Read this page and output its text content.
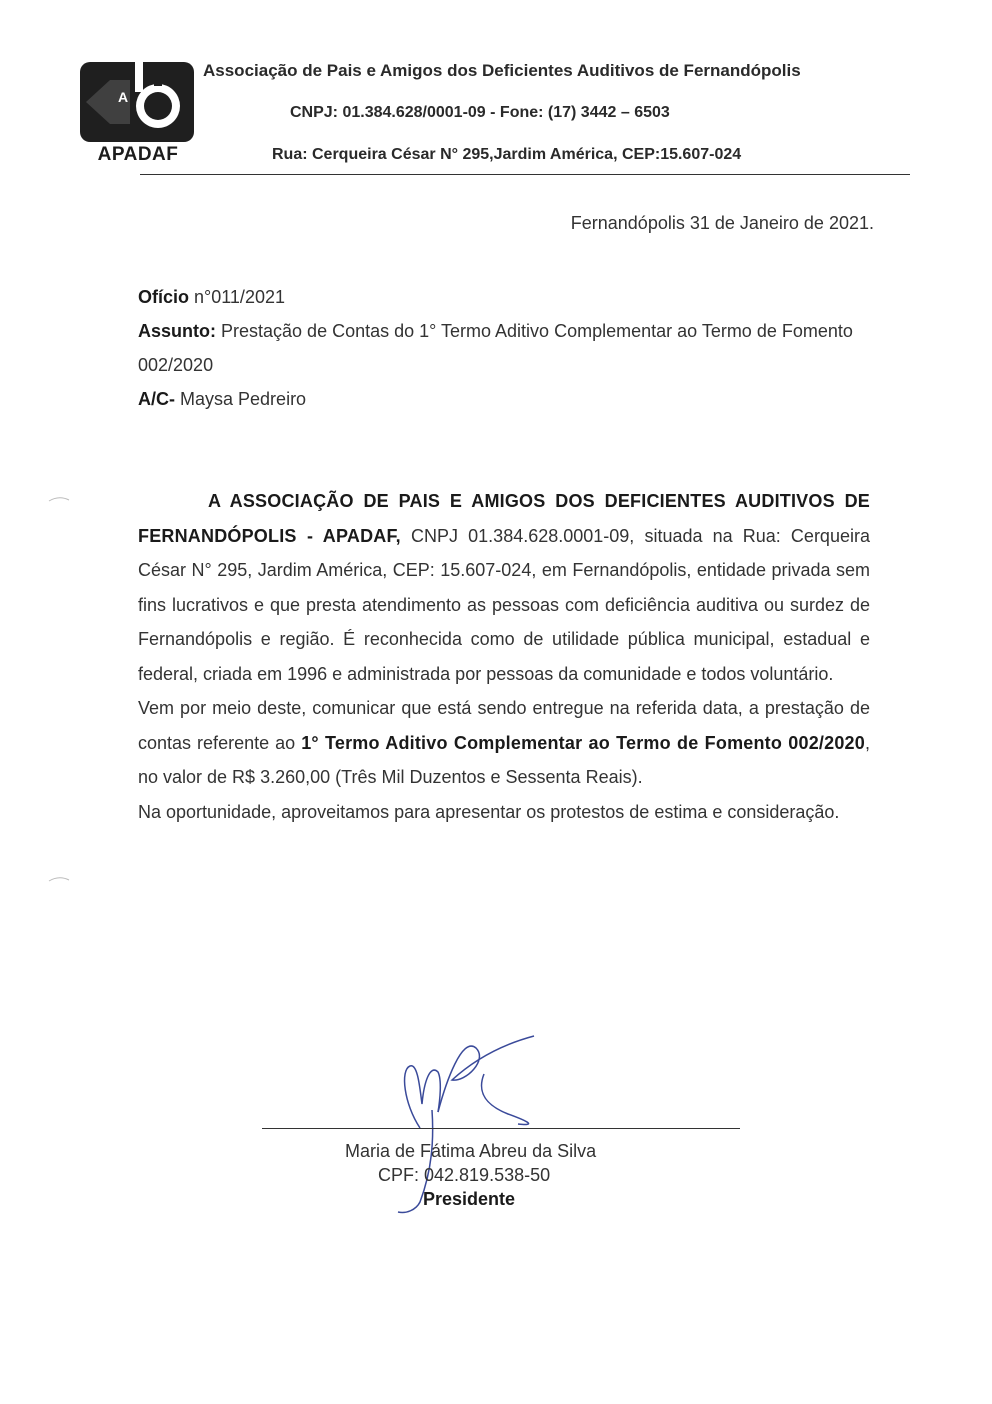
A
APADAF
Associação de Pais e Amigos dos Deficientes Auditivos de Fernandópolis
CNPJ: 01.384.628/0001-09 - Fone: (17) 3442 – 6503
Rua: Cerqueira César N° 295,Jardim América, CEP:15.607-024
Fernandópolis 31 de Janeiro de 2021.
Ofício n°011/2021
Assunto: Prestação de Contas do 1° Termo Aditivo Complementar ao Termo de Fomento 002/2020
A/C- Maysa Pedreiro

A ASSOCIAÇÃO DE PAIS E AMIGOS DOS DEFICIENTES AUDITIVOS DE FERNANDÓPOLIS - APADAF, CNPJ 01.384.628.0001-09, situada na Rua: Cerqueira César N° 295, Jardim América, CEP: 15.607-024, em Fernandópolis, entidade privada sem fins lucrativos e que presta atendimento as pessoas com deficiência auditiva ou surdez de Fernandópolis e região. É reconhecida como de utilidade pública municipal, estadual e federal, criada em 1996 e administrada por pessoas da comunidade e todos voluntário.

Vem por meio deste, comunicar que está sendo entregue na referida data, a prestação de contas referente ao 1° Termo Aditivo Complementar ao Termo de Fomento 002/2020, no valor de R$ 3.260,00 (Três Mil Duzentos e Sessenta Reais).

Na oportunidade, aproveitamos para apresentar os protestos de estima e consideração.

Maria de Fátima Abreu da Silva
CPF: 042.819.538-50
Presidente
